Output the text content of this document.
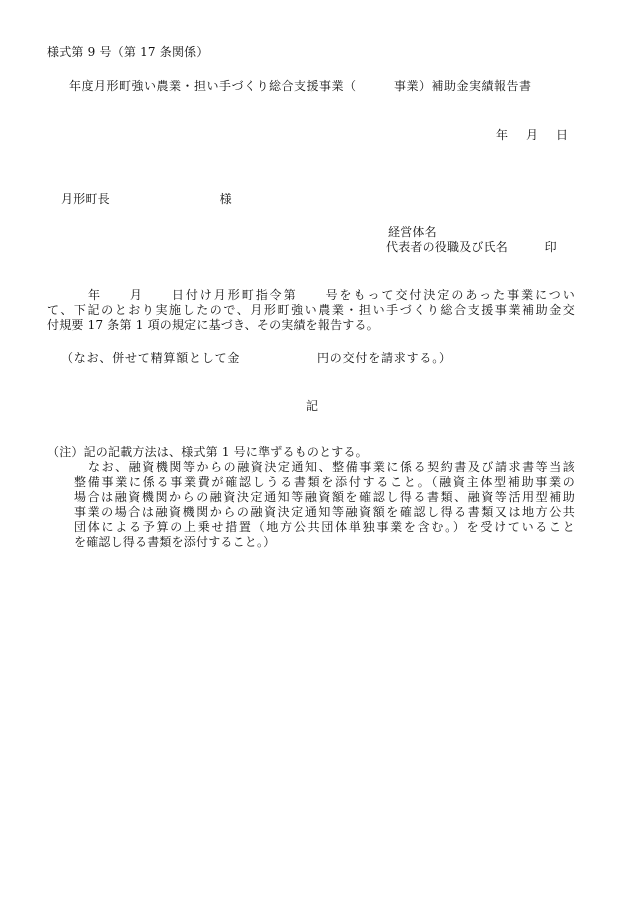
様式第 9 号（第 17 条関係）
年度月形町強い農業・担い手づくり総合支援事業（　　　事業）補助金実績報告書
年　月　日
月形町長　　　　　　　　　様
経営体名
代表者の役職及び氏名　　　印
年　　月　　日付け月形町指令第　　号をもって交付決定のあった事業につい
て、下記のとおり実施したので、月形町強い農業・担い手づくり総合支援事業補助金交
付規要 17 条第 1 項の規定に基づき、その実績を報告する。
（なお、併せて精算額として金　　　　　　円の交付を請求する。）
記
（注）記の記載方法は、様式第 1 号に準ずるものとする。
なお、融資機関等からの融資決定通知、整備事業に係る契約書及び請求書等当該
整備事業に係る事業費が確認しうる書類を添付すること。（融資主体型補助事業の
場合は融資機関からの融資決定通知等融資額を確認し得る書類、融資等活用型補助
事業の場合は融資機関からの融資決定通知等融資額を確認し得る書類又は地方公共
団体による予算の上乗せ措置（地方公共団体単独事業を含む。）を受けていること
を確認し得る書類を添付すること。）
